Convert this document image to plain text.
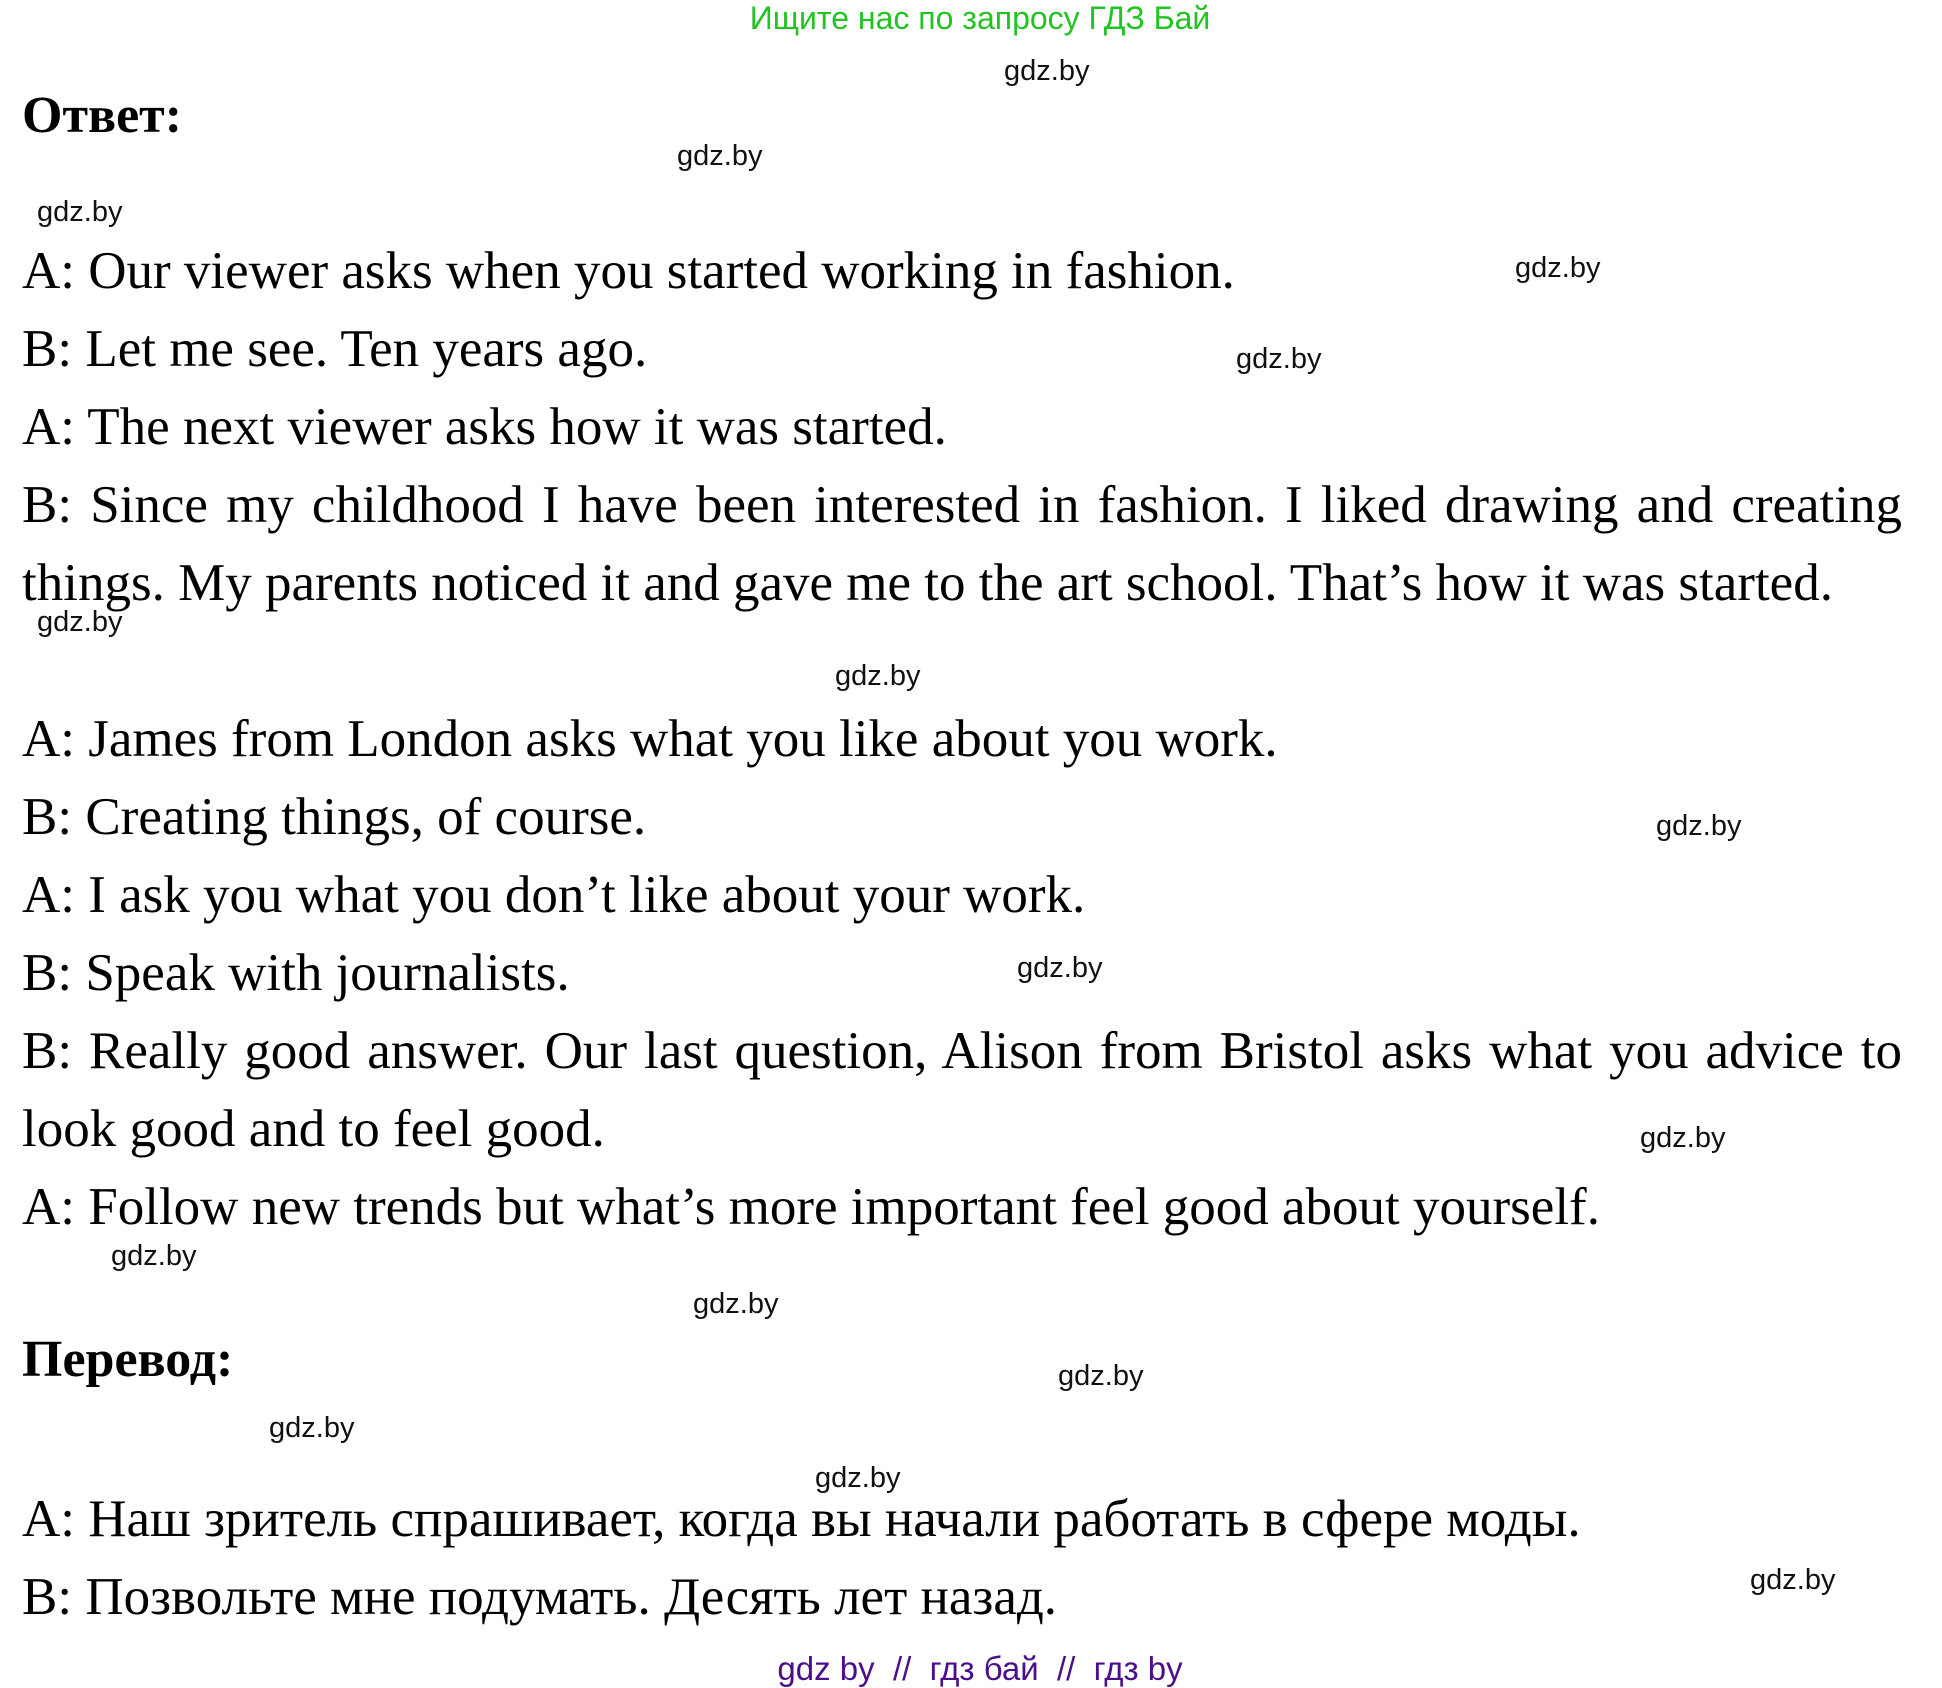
Ищите нас по запросу ГДЗ Бай
gdz.by
Ответ:
gdz.by
gdz.by
A: Our viewer asks when you started working in fashion.	gdz.by
B: Let me see. Ten years ago.	gdz.by
A: The next viewer asks how it was started.
B: Since my childhood I have been interested in fashion. I liked drawing and creating things. My parents noticed it and gave me to the art school. That’s how it was started.
gdz.by
gdz.by
A: James from London asks what you like about you work.
B: Creating things, of course.	gdz.by
A: I ask you what you don’t like about your work.
B: Speak with journalists.	gdz.by
B: Really good answer. Our last question, Alison from Bristol asks what you advice to look good and to feel good.	gdz.by
A: Follow new trends but what’s more important feel good about yourself.
gdz.by
gdz.by
Перевод:	gdz.by
gdz.by
gdz.by
A: Наш зритель спрашивает, когда вы начали работать в сфере моды.
gdz.by
B: Позвольте мне подумать. Десять лет назад.
gdz by  //  гдз бай  //  гдз by
